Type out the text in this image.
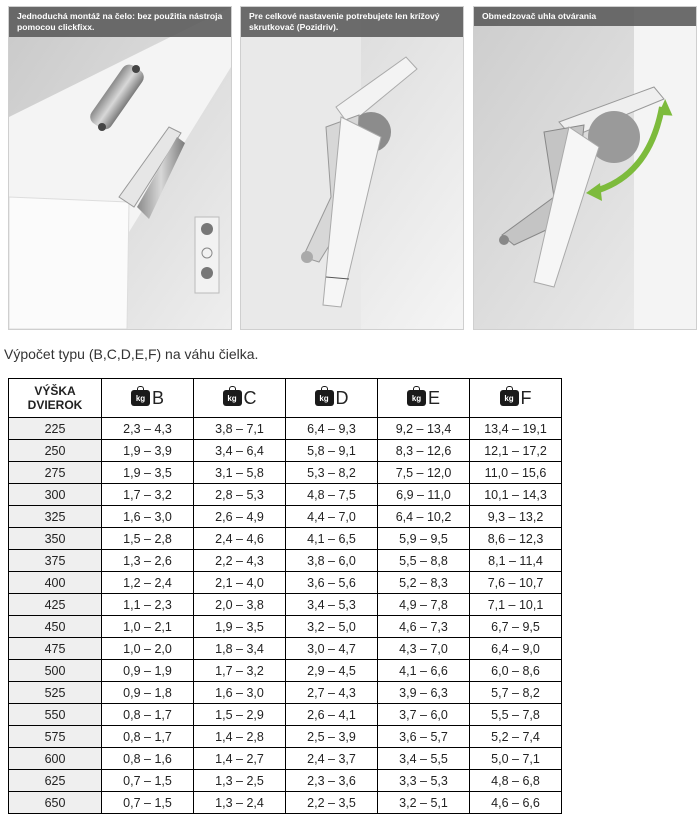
Jednoduchá montáž na čelo: bez použitia nástroja pomocou clickfixx.
Pre celkové nastavenie potrebujete len krížový skrutkovač (Pozidriv).
Obmedzovač uhla otvárania
Výpočet typu (B,C,D,E,F) na váhu čielka.
VÝŠKA
DVIEROK	kg B	kg C	kg D	kg E	kg F
225	2,3 – 4,3	3,8 – 7,1	6,4 – 9,3	9,2 – 13,4	13,4 – 19,1
250	1,9 – 3,9	3,4 – 6,4	5,8 – 9,1	8,3 – 12,6	12,1 – 17,2
275	1,9 – 3,5	3,1 – 5,8	5,3 – 8,2	7,5 – 12,0	11,0 – 15,6
300	1,7 – 3,2	2,8 – 5,3	4,8 – 7,5	6,9 – 11,0	10,1 – 14,3
325	1,6 – 3,0	2,6 – 4,9	4,4 – 7,0	6,4 – 10,2	9,3 – 13,2
350	1,5 – 2,8	2,4 – 4,6	4,1 – 6,5	5,9 – 9,5	8,6 – 12,3
375	1,3 – 2,6	2,2 – 4,3	3,8 – 6,0	5,5 – 8,8	8,1 – 11,4
400	1,2 – 2,4	2,1 – 4,0	3,6 – 5,6	5,2 – 8,3	7,6 – 10,7
425	1,1 – 2,3	2,0 – 3,8	3,4 – 5,3	4,9 – 7,8	7,1 – 10,1
450	1,0 – 2,1	1,9 – 3,5	3,2 – 5,0	4,6 – 7,3	6,7 – 9,5
475	1,0 – 2,0	1,8 – 3,4	3,0 – 4,7	4,3 – 7,0	6,4 – 9,0
500	0,9 – 1,9	1,7 – 3,2	2,9 – 4,5	4,1 – 6,6	6,0 – 8,6
525	0,9 – 1,8	1,6 – 3,0	2,7 – 4,3	3,9 – 6,3	5,7 – 8,2
550	0,8 – 1,7	1,5 – 2,9	2,6 – 4,1	3,7 – 6,0	5,5 – 7,8
575	0,8 – 1,7	1,4 – 2,8	2,5 – 3,9	3,6 – 5,7	5,2 – 7,4
600	0,8 – 1,6	1,4 – 2,7	2,4 – 3,7	3,4 – 5,5	5,0 – 7,1
625	0,7 – 1,5	1,3 – 2,5	2,3 – 3,6	3,3 – 5,3	4,8 – 6,8
650	0,7 – 1,5	1,3 – 2,4	2,2 – 3,5	3,2 – 5,1	4,6 – 6,6
